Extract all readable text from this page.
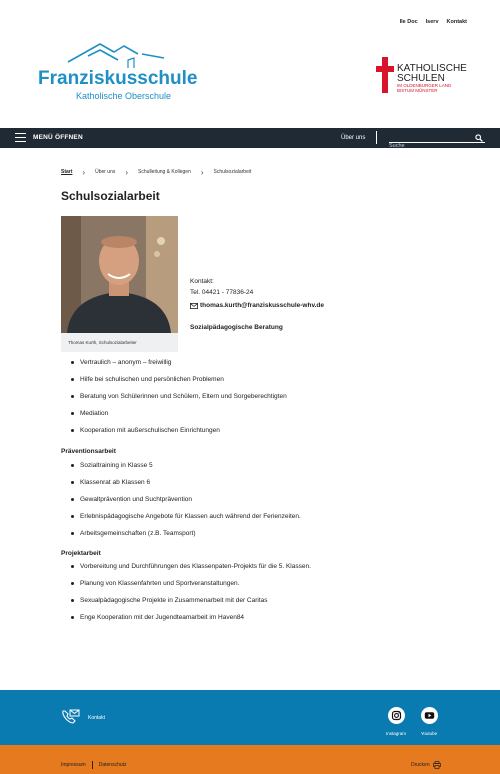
Ile Doc Iserv Kontakt
Franziskusschule
Katholische Oberschule
KATHOLISCHE
SCHULEN
IM OLDENBURGER LAND
BISTUM MÜNSTER
MENÜ ÖFFNEN	Über uns
Suche
Start › Über uns › Schulleitung & Kollegen › Schulsozialarbeit
Schulsozialarbeit
Thomas Kurth, Schulsozialarbeiter
Kontakt:
Tel. 04421 - 77836-24
thomas.kurth@franziskusschule-whv.de
Sozialpädagogische Beratung
Vertraulich – anonym – freiwillig
Hilfe bei schulischen und persönlichen Problemen
Beratung von Schülerinnen und Schülern, Eltern und Sorgeberechtigten
Mediation
Kooperation mit außerschulischen Einrichtungen
Präventionsarbeit
Sozialtraining in Klasse 5
Klassenrat ab Klassen 6
Gewaltprävention und Suchtprävention
Erlebnispädagogische Angebote für Klassen auch während der Ferienzeiten.
Arbeitsgemeinschaften (z.B. Teamsport)
Projektarbeit
Vorbereitung und Durchführungen des Klassenpaten-Projekts für die 5. Klassen.
Planung von Klassenfahrten und Sportveranstaltungen.
Sexualpädagogische Projekte in Zusammenarbeit mit der Caritas
Enge Kooperation mit der Jugendteamarbeit im Haven84
Kontakt
Instagram	Youtube
Impressum	Datenschutz	Drucken
